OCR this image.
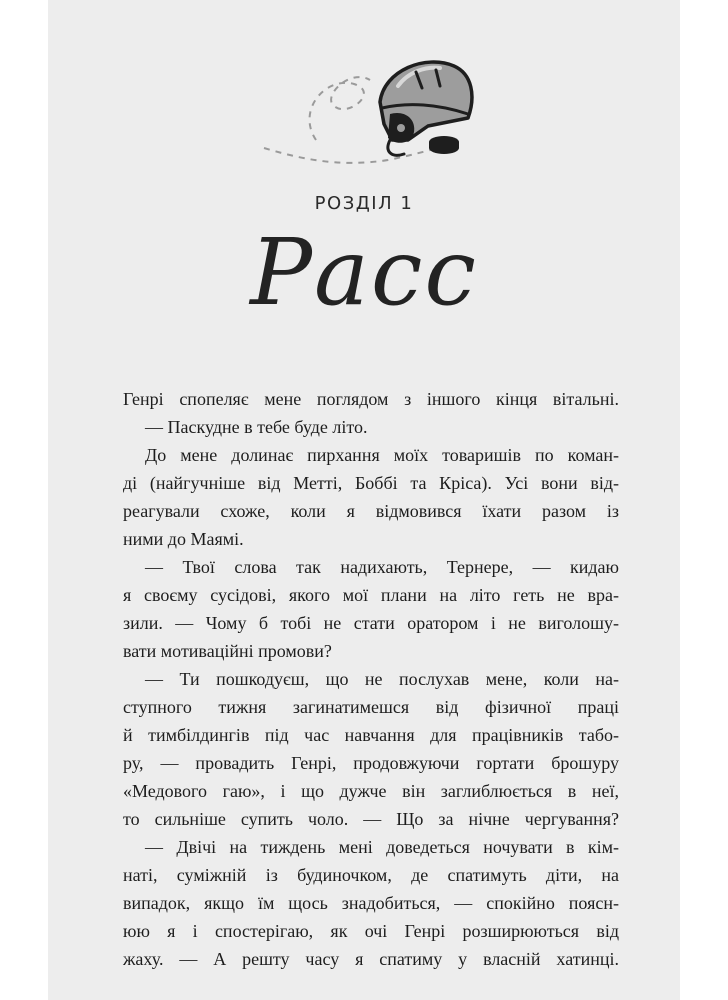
РОЗДІЛ 1
Расс
Генрі спопеляє мене поглядом з іншого кінця вітальні.
— Паскудне в тебе буде літо.
До мене долинає пирхання моїх товаришів по коман-
ді (найгучніше від Метті, Боббі та Кріса). Усі вони від-
реагували схоже, коли я відмовився їхати разом із
ними до Маямі.
— Твої слова так надихають, Тернере, — кидаю
я своєму сусідові, якого мої плани на літо геть не вра-
зили. — Чому б тобі не стати оратором і не виголошу-
вати мотиваційні промови?
— Ти пошкодуєш, що не послухав мене, коли на-
ступного тижня загинатимешся від фізичної праці
й тимбілдингів під час навчання для працівників табо-
ру, — провадить Генрі, продовжуючи гортати брошуру
«Медового гаю», і що дужче він заглиблюється в неї,
то сильніше супить чоло. — Що за нічне чергування?
— Двічі на тиждень мені доведеться ночувати в кім-
наті, суміжній із будиночком, де спатимуть діти, на
випадок, якщо їм щось знадобиться, — спокійно поясн-
юю я і спостерігаю, як очі Генрі розширюються від
жаху. — А решту часу я спатиму у власній хатинці.
